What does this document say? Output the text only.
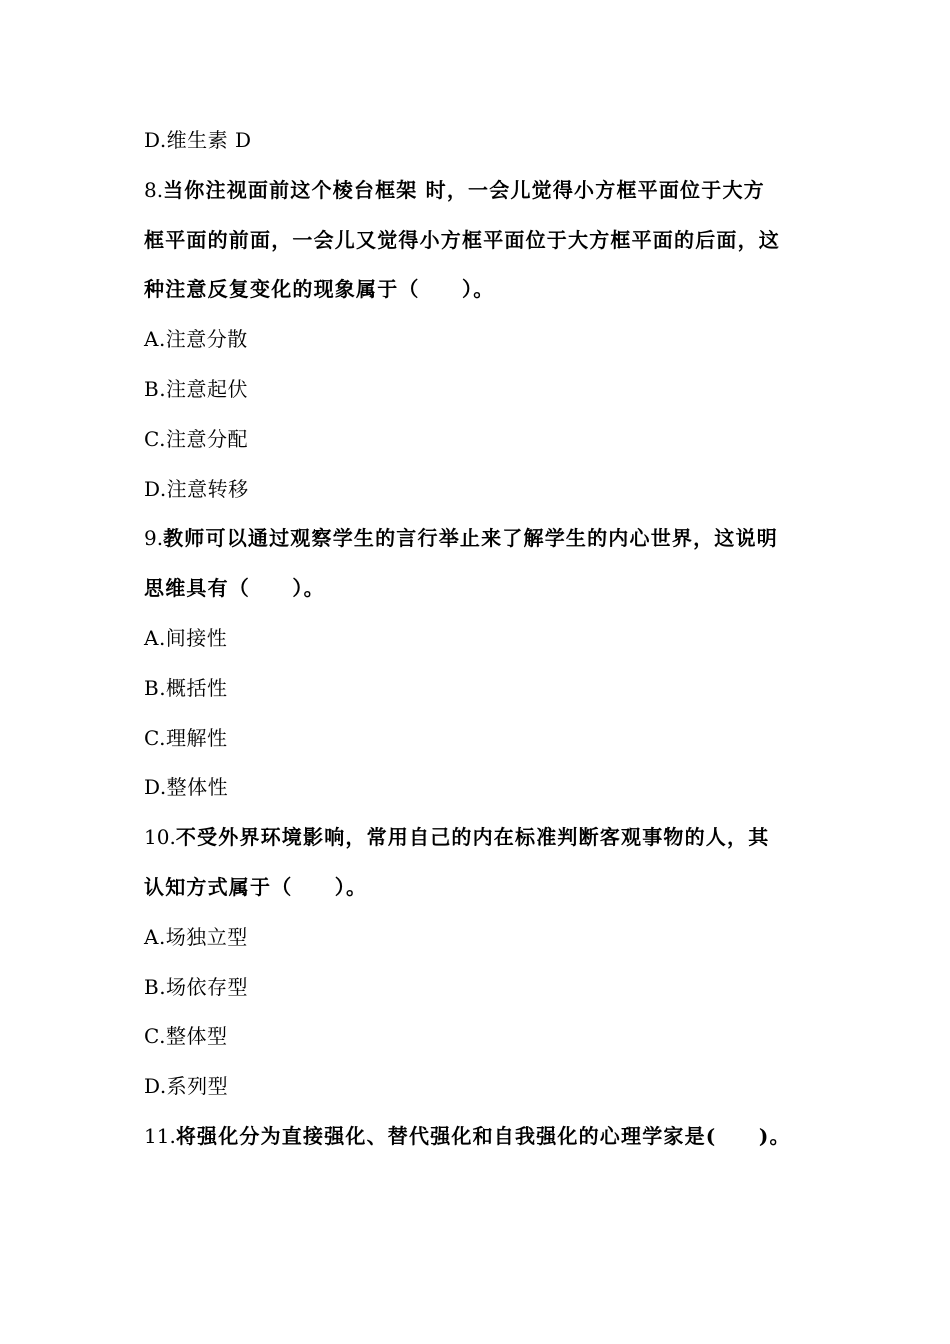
D.维生素 D
8.当你注视面前这个棱台框架 时，一会儿觉得小方框平面位于大方
框平面的前面，一会儿又觉得小方框平面位于大方框平面的后面，这
种注意反复变化的现象属于（　　）。
A.注意分散
B.注意起伏
C.注意分配
D.注意转移
9.教师可以通过观察学生的言行举止来了解学生的内心世界，这说明
思维具有（　　）。
A.间接性
B.概括性
C.理解性
D.整体性
10.不受外界环境影响，常用自己的内在标准判断客观事物的人，其
认知方式属于（　　）。
A.场独立型
B.场依存型
C.整体型
D.系列型
11.将强化分为直接强化、替代强化和自我强化的心理学家是(　　)。
